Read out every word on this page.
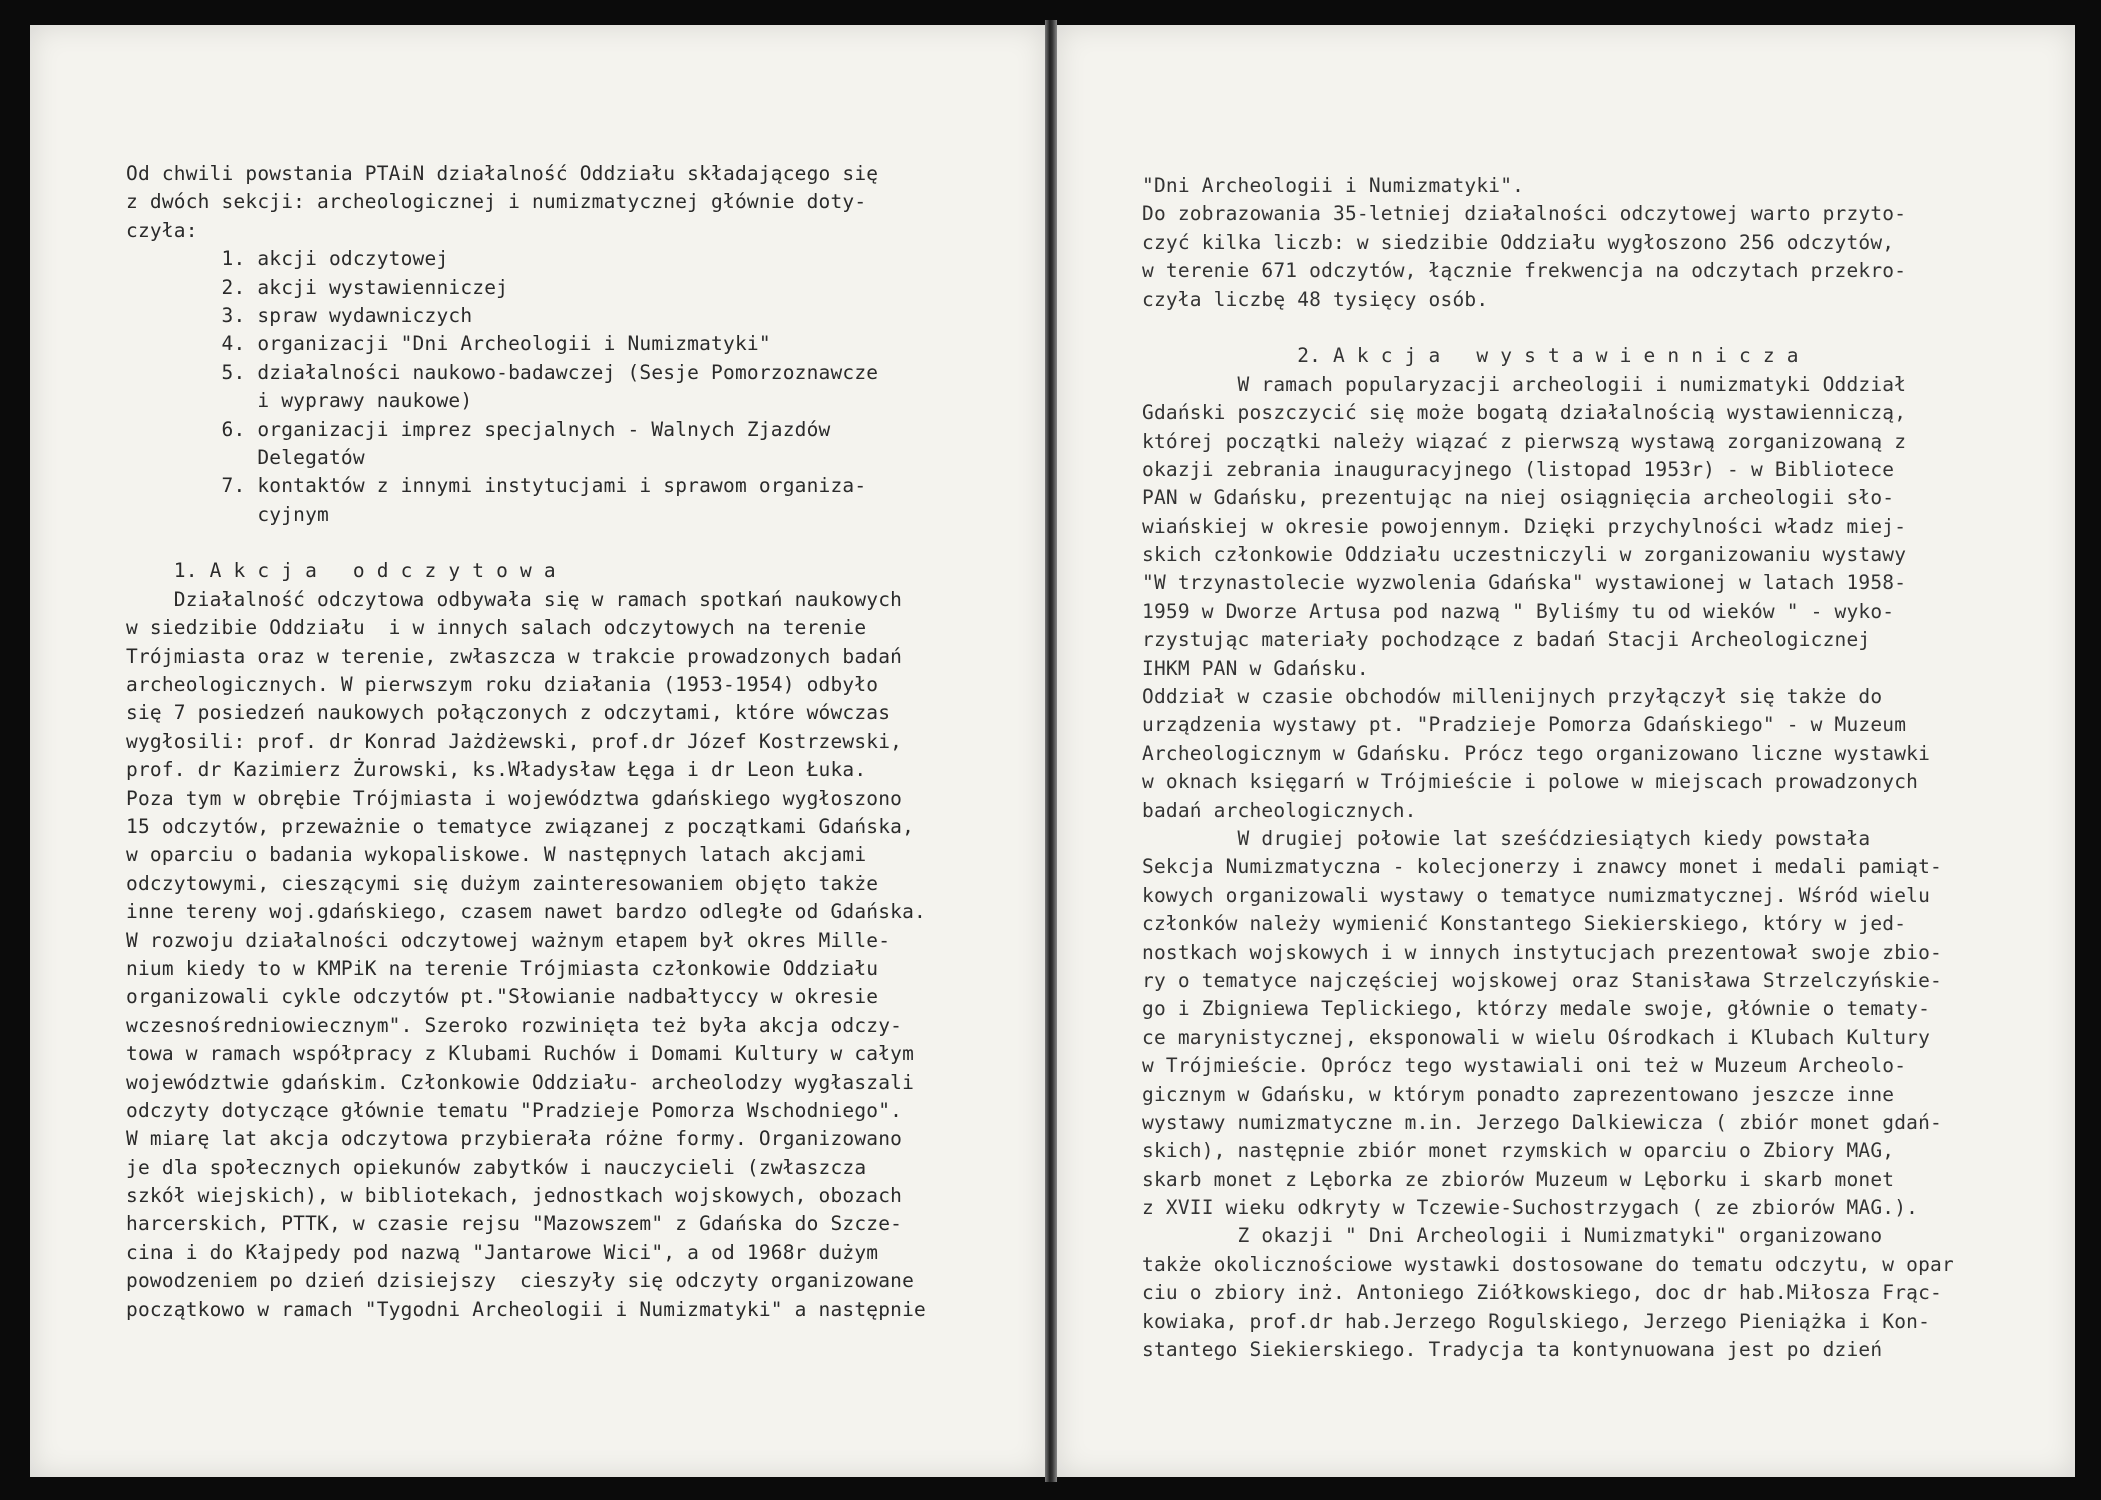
Od chwili powstania PTAiN działalność Oddziału składającego się
z dwóch sekcji: archeologicznej i numizmatycznej głównie doty-
czyła:
1. akcji odczytowej
2. akcji wystawienniczej
3. spraw wydawniczych
4. organizacji "Dni Archeologii i Numizmatyki"
5. działalności naukowo-badawczej (Sesje Pomorzoznawcze
i wyprawy naukowe)
6. organizacji imprez specjalnych - Walnych Zjazdów
Delegatów
7. kontaktów z innymi instytucjami i sprawom organiza-
cyjnym
1. A k c j a   o d c z y t o w a
Działalność odczytowa odbywała się w ramach spotkań naukowych
w siedzibie Oddziału  i w innych salach odczytowych na terenie
Trójmiasta oraz w terenie, zwłaszcza w trakcie prowadzonych badań
archeologicznych. W pierwszym roku działania (1953-1954) odbyło
się 7 posiedzeń naukowych połączonych z odczytami, które wówczas
wygłosili: prof. dr Konrad Jażdżewski, prof.dr Józef Kostrzewski,
prof. dr Kazimierz Żurowski, ks.Władysław Łęga i dr Leon Łuka.
Poza tym w obrębie Trójmiasta i województwa gdańskiego wygłoszono
15 odczytów, przeważnie o tematyce związanej z początkami Gdańska,
w oparciu o badania wykopaliskowe. W następnych latach akcjami
odczytowymi, cieszącymi się dużym zainteresowaniem objęto także
inne tereny woj.gdańskiego, czasem nawet bardzo odległe od Gdańska.
W rozwoju działalności odczytowej ważnym etapem był okres Mille-
nium kiedy to w KMPiK na terenie Trójmiasta członkowie Oddziału
organizowali cykle odczytów pt."Słowianie nadbałtyccy w okresie
wczesnośredniowiecznym". Szeroko rozwinięta też była akcja odczy-
towa w ramach współpracy z Klubami Ruchów i Domami Kultury w całym
województwie gdańskim. Członkowie Oddziału- archeolodzy wygłaszali
odczyty dotyczące głównie tematu "Pradzieje Pomorza Wschodniego".
W miarę lat akcja odczytowa przybierała różne formy. Organizowano
je dla społecznych opiekunów zabytków i nauczycieli (zwłaszcza
szkół wiejskich), w bibliotekach, jednostkach wojskowych, obozach
harcerskich, PTTK, w czasie rejsu "Mazowszem" z Gdańska do Szcze-
cina i do Kłajpedy pod nazwą "Jantarowe Wici", a od 1968r dużym
powodzeniem po dzień dzisiejszy  cieszyły się odczyty organizowane
początkowo w ramach "Tygodni Archeologii i Numizmatyki" a następnie
"Dni Archeologii i Numizmatyki".
Do zobrazowania 35-letniej działalności odczytowej warto przyto-
czyć kilka liczb: w siedzibie Oddziału wygłoszono 256 odczytów,
w terenie 671 odczytów, łącznie frekwencja na odczytach przekro-
czyła liczbę 48 tysięcy osób.
2. A k c j a   w y s t a w i e n n i c z a
W ramach popularyzacji archeologii i numizmatyki Oddział
Gdański poszczycić się może bogatą działalnością wystawienniczą,
której początki należy wiązać z pierwszą wystawą zorganizowaną z
okazji zebrania inauguracyjnego (listopad 1953r) - w Bibliotece
PAN w Gdańsku, prezentując na niej osiągnięcia archeologii sło-
wiańskiej w okresie powojennym. Dzięki przychylności władz miej-
skich członkowie Oddziału uczestniczyli w zorganizowaniu wystawy
"W trzynastolecie wyzwolenia Gdańska" wystawionej w latach 1958-
1959 w Dworze Artusa pod nazwą " Byliśmy tu od wieków " - wyko-
rzystując materiały pochodzące z badań Stacji Archeologicznej
IHKM PAN w Gdańsku.
Oddział w czasie obchodów millenijnych przyłączył się także do
urządzenia wystawy pt. "Pradzieje Pomorza Gdańskiego" - w Muzeum
Archeologicznym w Gdańsku. Prócz tego organizowano liczne wystawki
w oknach księgarń w Trójmieście i polowe w miejscach prowadzonych
badań archeologicznych.
W drugiej połowie lat sześćdziesiątych kiedy powstała
Sekcja Numizmatyczna - kolecjonerzy i znawcy monet i medali pamiąt-
kowych organizowali wystawy o tematyce numizmatycznej. Wśród wielu
członków należy wymienić Konstantego Siekierskiego, który w jed-
nostkach wojskowych i w innych instytucjach prezentował swoje zbio-
ry o tematyce najczęściej wojskowej oraz Stanisława Strzelczyńskie-
go i Zbigniewa Teplickiego, którzy medale swoje, głównie o tematy-
ce marynistycznej, eksponowali w wielu Ośrodkach i Klubach Kultury
w Trójmieście. Oprócz tego wystawiali oni też w Muzeum Archeolo-
gicznym w Gdańsku, w którym ponadto zaprezentowano jeszcze inne
wystawy numizmatyczne m.in. Jerzego Dalkiewicza ( zbiór monet gdań-
skich), następnie zbiór monet rzymskich w oparciu o Zbiory MAG,
skarb monet z Lęborka ze zbiorów Muzeum w Lęborku i skarb monet
z XVII wieku odkryty w Tczewie-Suchostrzygach ( ze zbiorów MAG.).
Z okazji " Dni Archeologii i Numizmatyki" organizowano
także okolicznościowe wystawki dostosowane do tematu odczytu, w opar
ciu o zbiory inż. Antoniego Ziółkowskiego, doc dr hab.Miłosza Frąc-
kowiaka, prof.dr hab.Jerzego Rogulskiego, Jerzego Pieniążka i Kon-
stantego Siekierskiego. Tradycja ta kontynuowana jest po dzień
